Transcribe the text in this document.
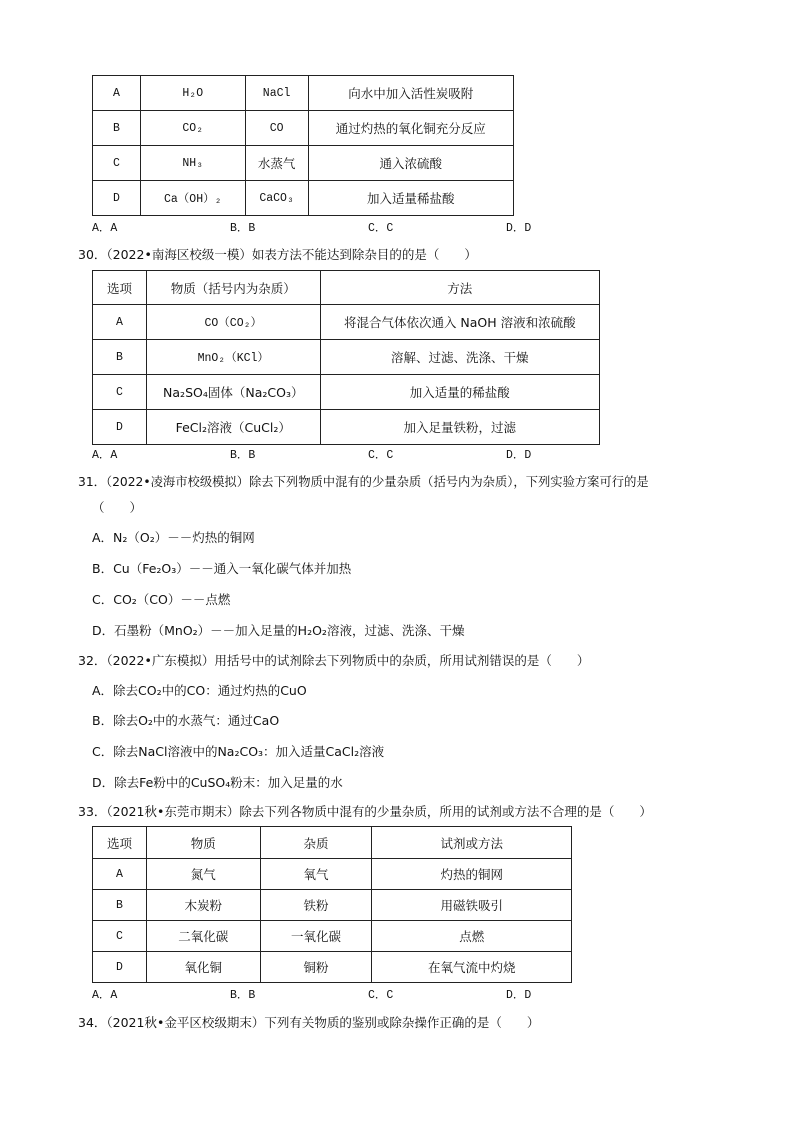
A	H₂O	NaCl	向水中加入活性炭吸附
B	CO₂	CO	通过灼热的氧化铜充分反应
C	NH₃	水蒸气	通入浓硫酸
D	Ca（OH）₂	CaCO₃	加入适量稀盐酸
A．A	B．B	C．C	D．D
30．（2022•南海区校级一模）如表方法不能达到除杂目的的是（　　）
选项	物质（括号内为杂质）	方法
A	CO（CO₂）	将混合气体依次通入 NaOH 溶液和浓硫酸
B	MnO₂（KCl）	溶解、过滤、洗涤、干燥
C	Na₂SO₄固体（Na₂CO₃）	加入适量的稀盐酸
D	FeCl₂溶液（CuCl₂）	加入足量铁粉，过滤
A．A	B．B	C．C	D．D
31．（2022•凌海市校级模拟）除去下列物质中混有的少量杂质（括号内为杂质），下列实验方案可行的是
（　　）
A．N₂（O₂）－－灼热的铜网
B．Cu（Fe₂O₃）－－通入一氧化碳气体并加热
C．CO₂（CO）－－点燃
D．石墨粉（MnO₂）－－加入足量的H₂O₂溶液，过滤、洗涤、干燥
32．（2022•广东模拟）用括号中的试剂除去下列物质中的杂质，所用试剂错误的是（　　）
A．除去CO₂中的CO：通过灼热的CuO
B．除去O₂中的水蒸气：通过CaO
C．除去NaCl溶液中的Na₂CO₃：加入适量CaCl₂溶液
D．除去Fe粉中的CuSO₄粉末：加入足量的水
33．（2021秋•东莞市期末）除去下列各物质中混有的少量杂质，所用的试剂或方法不合理的是（　　）
选项	物质	杂质	试剂或方法
A	氮气	氧气	灼热的铜网
B	木炭粉	铁粉	用磁铁吸引
C	二氧化碳	一氧化碳	点燃
D	氧化铜	铜粉	在氧气流中灼烧
A．A	B．B	C．C	D．D
34．（2021秋•金平区校级期末）下列有关物质的鉴别或除杂操作正确的是（　　）
